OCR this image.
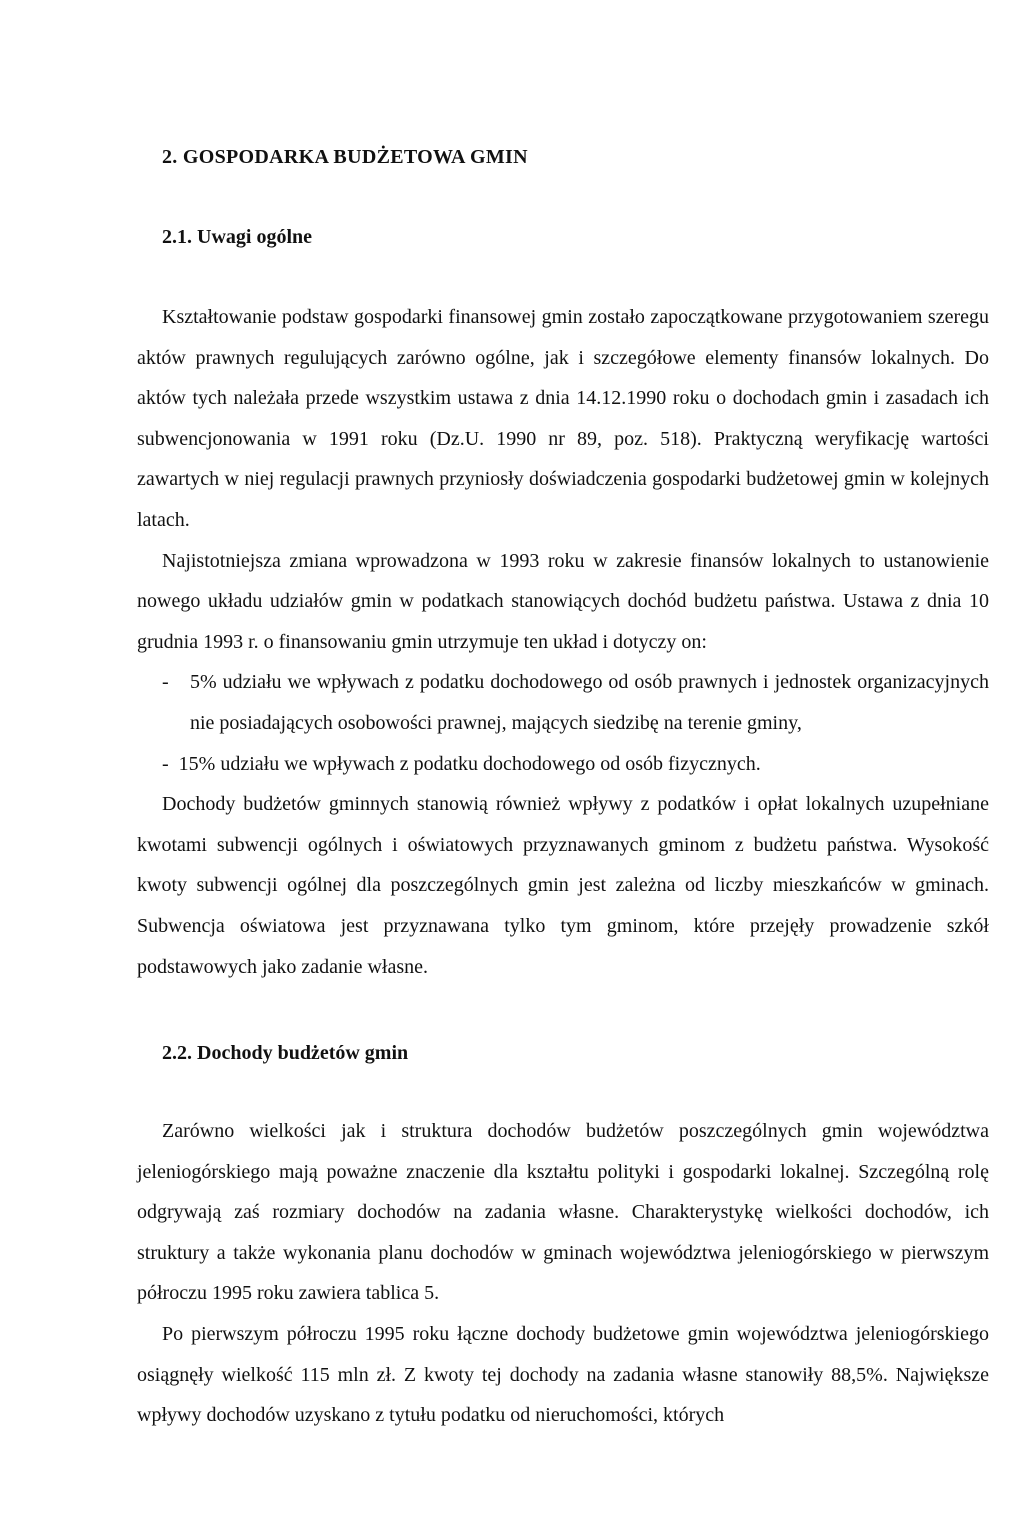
2. GOSPODARKA BUDŻETOWA GMIN
2.1. Uwagi ogólne

Kształtowanie podstaw gospodarki finansowej gmin zostało zapoczątkowane przygotowaniem szeregu aktów prawnych regulujących zarówno ogólne, jak i szczegółowe elementy finansów lokalnych. Do aktów tych należała przede wszystkim ustawa z dnia 14.12.1990 roku o dochodach gmin i zasadach ich subwencjonowania w 1991 roku (Dz.U. 1990 nr 89, poz. 518). Praktyczną weryfikację wartości zawartych w niej regulacji prawnych przyniosły doświadczenia gospodarki budżetowej gmin w kolejnych latach.

Najistotniejsza zmiana wprowadzona w 1993 roku w zakresie finansów lokalnych to ustanowienie nowego układu udziałów gmin w podatkach stanowiących dochód budżetu państwa. Ustawa z dnia 10 grudnia 1993 r. o finansowaniu gmin utrzymuje ten układ i dotyczy on:

- 5% udziału we wpływach z podatku dochodowego od osób prawnych i jednostek organizacyjnych nie posiadających osobowości prawnej, mających siedzibę na terenie gminy,

- 15% udziału we wpływach z podatku dochodowego od osób fizycznych.

Dochody budżetów gminnych stanowią również wpływy z podatków i opłat lokalnych uzupełniane kwotami subwencji ogólnych i oświatowych przyznawanych gminom z budżetu państwa. Wysokość kwoty subwencji ogólnej dla poszczególnych gmin jest zależna od liczby mieszkańców w gminach. Subwencja oświatowa jest przyznawana tylko tym gminom, które przejęły prowadzenie szkół podstawowych jako zadanie własne.

2.2. Dochody budżetów gmin

Zarówno wielkości jak i struktura dochodów budżetów poszczególnych gmin województwa jeleniogórskiego mają poważne znaczenie dla kształtu polityki i gospodarki lokalnej. Szczególną rolę odgrywają zaś rozmiary dochodów na zadania własne. Charakterystykę wielkości dochodów, ich struktury a także wykonania planu dochodów w gminach województwa jeleniogórskiego w pierwszym półroczu 1995 roku zawiera tablica 5.

Po pierwszym półroczu 1995 roku łączne dochody budżetowe gmin województwa jeleniogórskiego osiągnęły wielkość 115 mln zł. Z kwoty tej dochody na zadania własne stanowiły 88,5%. Największe wpływy dochodów uzyskano z tytułu podatku od nieruchomości, których
